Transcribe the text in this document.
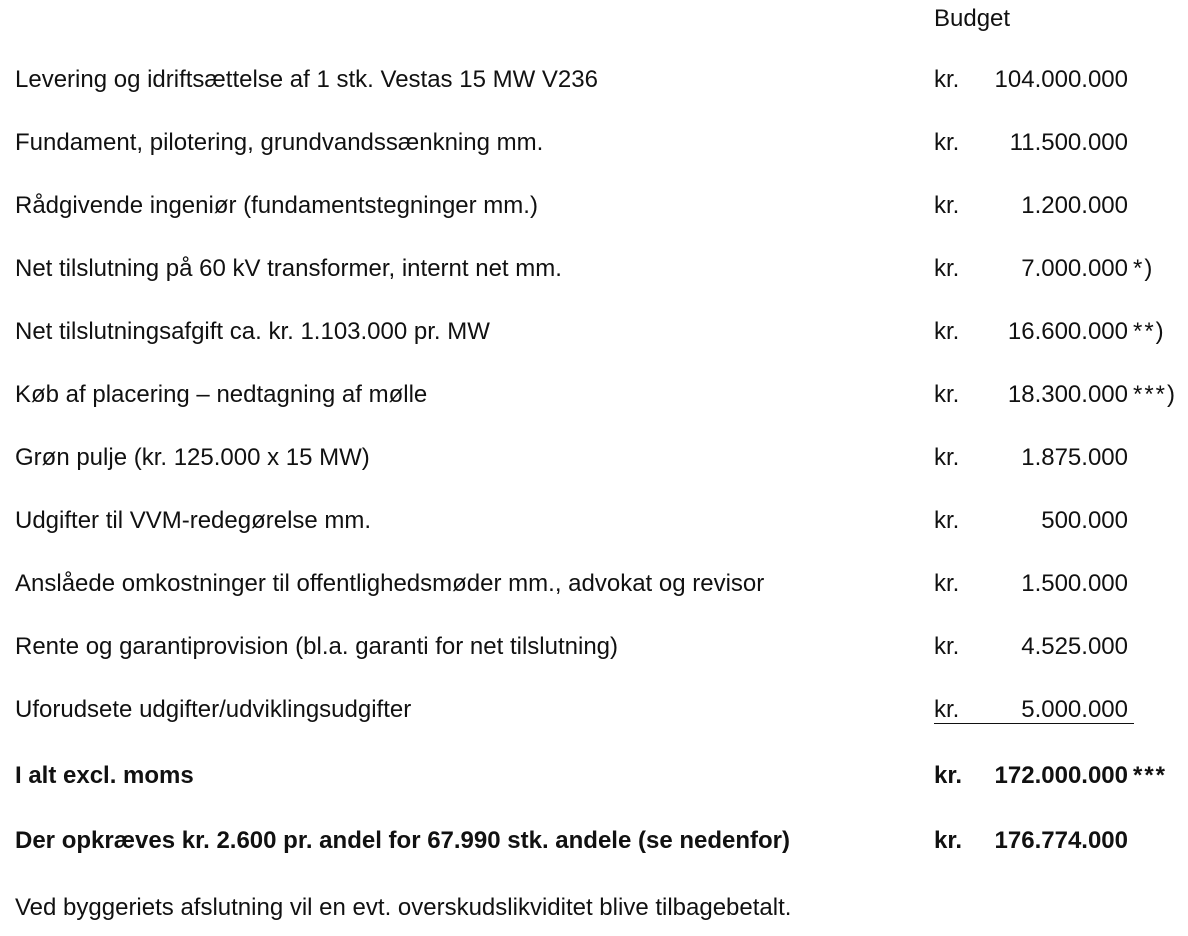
Budget
Levering og idriftsættelse af 1 stk. Vestas 15 MW V236	kr. 104.000.000
Fundament, pilotering, grundvandssænkning mm.	kr. 11.500.000
Rådgivende ingeniør (fundamentstegninger mm.)	kr.	1.200.000
Net tilslutning på 60 kV transformer, internt net mm.	kr.	7.000.000 *)
Net tilslutningsafgift ca. kr. 1.103.000 pr. MW	kr. 16.600.000 **)
Køb af placering – nedtagning af mølle	kr. 18.300.000 ***)
Grøn pulje (kr. 125.000 x 15 MW)	kr.	1.875.000
Udgifter til VVM-redegørelse mm.	kr.	500.000
Anslåede omkostninger til offentlighedsmøder mm., advokat og revisor	kr.	1.500.000
Rente og garantiprovision (bl.a. garanti for net tilslutning)	kr.	4.525.000
Uforudsete udgifter/udviklingsudgifter	kr.	5.000.000
I alt excl. moms	kr. 172.000.000 ***
Der opkræves kr. 2.600 pr. andel for 67.990 stk. andele (se nedenfor)	kr. 176.774.000
Ved byggeriets afslutning vil en evt. overskudslikviditet blive tilbagebetalt.
